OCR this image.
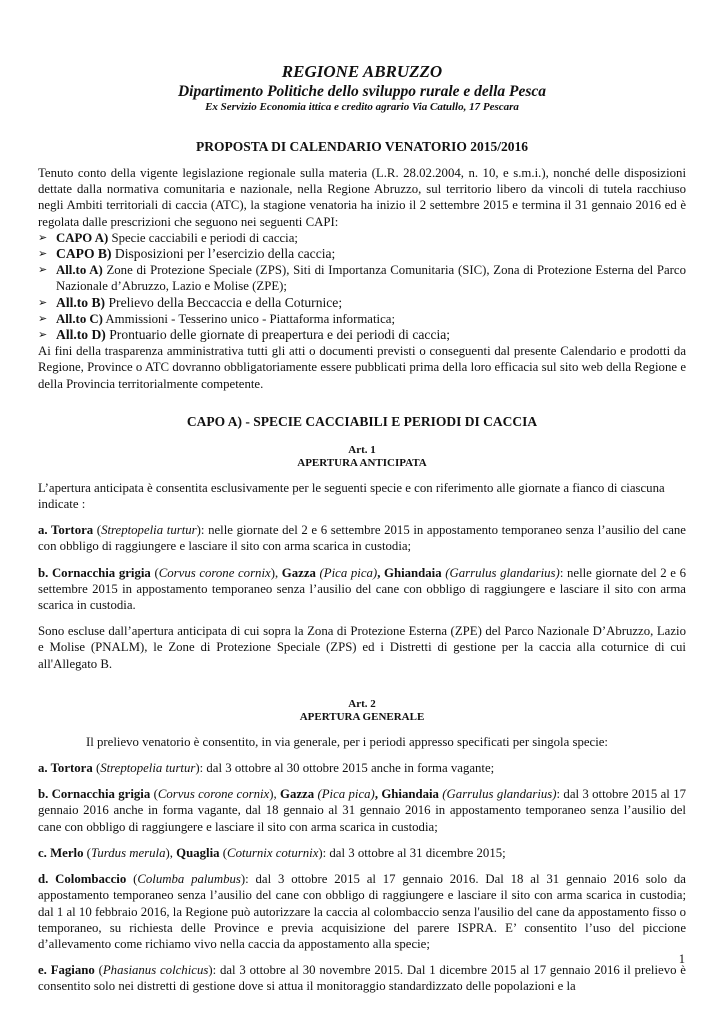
REGIONE ABRUZZO
Dipartimento Politiche dello sviluppo rurale e della Pesca
Ex Servizio Economia ittica e credito agrario Via Catullo, 17 Pescara
PROPOSTA DI CALENDARIO VENATORIO 2015/2016

Tenuto conto della vigente legislazione regionale sulla materia (L.R. 28.02.2004, n. 10, e s.m.i.), nonché delle disposizioni dettate dalla normativa comunitaria e nazionale, nella Regione Abruzzo, sul territorio libero da vincoli di tutela racchiuso negli Ambiti territoriali di caccia (ATC), la stagione venatoria ha inizio il 2 settembre 2015 e termina il 31 gennaio 2016 ed è regolata dalle prescrizioni che seguono nei seguenti CAPI:

➢ CAPO A) Specie cacciabili e periodi di caccia;
➢ CAPO B) Disposizioni per l’esercizio della caccia;
➢ All.to A) Zone di Protezione Speciale (ZPS), Siti di Importanza Comunitaria (SIC), Zona di Protezione Esterna del Parco Nazionale d’Abruzzo, Lazio e Molise (ZPE);
➢ All.to B) Prelievo della Beccaccia e della Coturnice;
➢ All.to C) Ammissioni - Tesserino unico - Piattaforma informatica;
➢ All.to D) Prontuario delle giornate di preapertura e dei periodi di caccia;

Ai fini della trasparenza amministrativa tutti gli atti o documenti previsti o conseguenti dal presente Calendario e prodotti da Regione, Province o ATC dovranno obbligatoriamente essere pubblicati prima della loro efficacia sul sito web della Regione e della Provincia territorialmente competente.

CAPO A) - SPECIE CACCIABILI E PERIODI DI CACCIA
Art. 1
APERTURA ANTICIPATA

L’apertura anticipata è consentita esclusivamente per le seguenti specie e con riferimento alle giornate a fianco di ciascuna indicate :

a. Tortora (Streptopelia turtur): nelle giornate del 2 e 6 settembre 2015 in appostamento temporaneo senza l’ausilio del cane con obbligo di raggiungere e lasciare il sito con arma scarica in custodia;

b. Cornacchia grigia (Corvus corone cornix), Gazza (Pica pica), Ghiandaia (Garrulus glandarius): nelle giornate del 2 e 6 settembre 2015 in appostamento temporaneo senza l’ausilio del cane con obbligo di raggiungere e lasciare il sito con arma scarica in custodia.

Sono escluse dall’apertura anticipata di cui sopra la Zona di Protezione Esterna (ZPE) del Parco Nazionale D’Abruzzo, Lazio e Molise (PNALM), le Zone di Protezione Speciale (ZPS) ed i Distretti di gestione per la caccia alla coturnice di cui all'Allegato B.

Art. 2
APERTURA GENERALE

Il prelievo venatorio è consentito, in via generale, per i periodi appresso specificati per singola specie:

a. Tortora (Streptopelia turtur): dal 3 ottobre al 30 ottobre 2015 anche in forma vagante;

b. Cornacchia grigia (Corvus corone cornix), Gazza (Pica pica), Ghiandaia (Garrulus glandarius): dal 3 ottobre 2015 al 17 gennaio 2016 anche in forma vagante, dal 18 gennaio al 31 gennaio 2016 in appostamento temporaneo senza l’ausilio del cane con obbligo di raggiungere e lasciare il sito con arma scarica in custodia;

c. Merlo (Turdus merula), Quaglia (Coturnix coturnix): dal 3 ottobre al 31 dicembre 2015;

d. Colombaccio (Columba palumbus): dal 3 ottobre 2015 al 17 gennaio 2016. Dal 18 al 31 gennaio 2016 solo da appostamento temporaneo senza l’ausilio del cane con obbligo di raggiungere e lasciare il sito con arma scarica in custodia; dal 1 al 10 febbraio 2016, la Regione può autorizzare la caccia al colombaccio senza l'ausilio del cane da appostamento fisso o temporaneo, su richiesta delle Province e previa acquisizione del parere ISPRA. E’ consentito l’uso del piccione d’allevamento come richiamo vivo nella caccia da appostamento alla specie;

e. Fagiano (Phasianus colchicus): dal 3 ottobre al 30 novembre 2015. Dal 1 dicembre 2015 al 17 gennaio 2016 il prelievo è consentito solo nei distretti di gestione dove si attua il monitoraggio standardizzato delle popolazioni e la

1
